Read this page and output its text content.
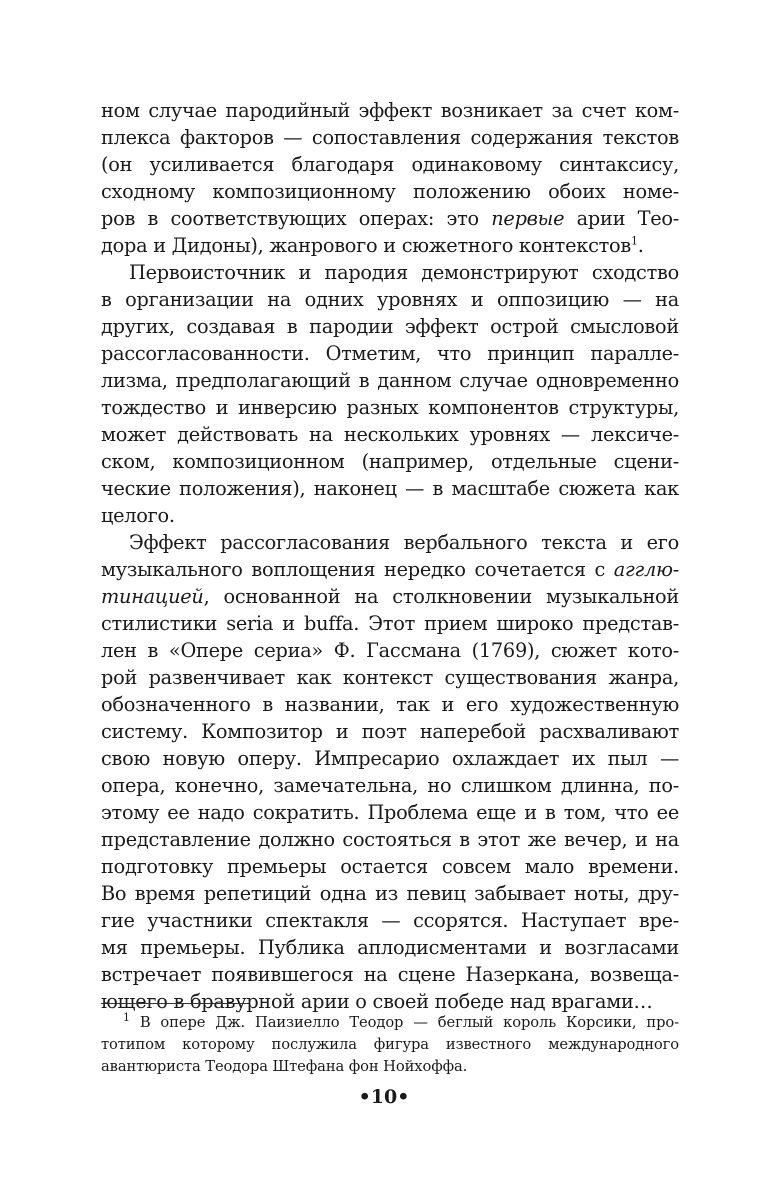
ном случае пародийный эффект возникает за счет ком-
плекса факторов — сопоставления содержания текстов
(он усиливается благодаря одинаковому синтаксису,
сходному композиционному положению обоих номе-
ров в соответствующих операх: это первые арии Тео-
дора и Дидоны), жанрового и сюжетного контекстов$^1$.
Первоисточник и пародия демонстрируют сходство
в организации на одних уровнях и оппозицию — на
других, создавая в пародии эффект острой смысловой
рассогласованности. Отметим, что принцип паралле-
лизма, предполагающий в данном случае одновременно
тождество и инверсию разных компонентов структуры,
может действовать на нескольких уровнях — лексиче-
ском, композиционном (например, отдельные сцени-
ческие положения), наконец — в масштабе сюжета как
целого.
Эффект рассогласования вербального текста и его
музыкального воплощения нередко сочетается с агглю-
тинацией, основанной на столкновении музыкальной
стилистики seria и buffa. Этот прием широко представ-
лен в «Опере сериа» Ф. Гассмана (1769), сюжет кото-
рой развенчивает как контекст существования жанра,
обозначенного в названии, так и его художественную
систему. Композитор и поэт наперебой расхваливают
свою новую оперу. Импресарио охлаждает их пыл —
опера, конечно, замечательна, но слишком длинна, по-
этому ее надо сократить. Проблема еще и в том, что ее
представление должно состояться в этот же вечер, и на
подготовку премьеры остается совсем мало времени.
Во время репетиций одна из певиц забывает ноты, дру-
гие участники спектакля — ссорятся. Наступает вре-
мя премьеры. Публика аплодисментами и возгласами
встречает появившегося на сцене Назеркана, возвеща-
ющего в бравурной арии о своей победе над врагами…
$^1$ В опере Дж. Паизиелло Теодор — беглый король Корсики, про-
тотипом которому послужила фигура известного международного
авантюриста Теодора Штефана фон Нойхоффа.
•10•
